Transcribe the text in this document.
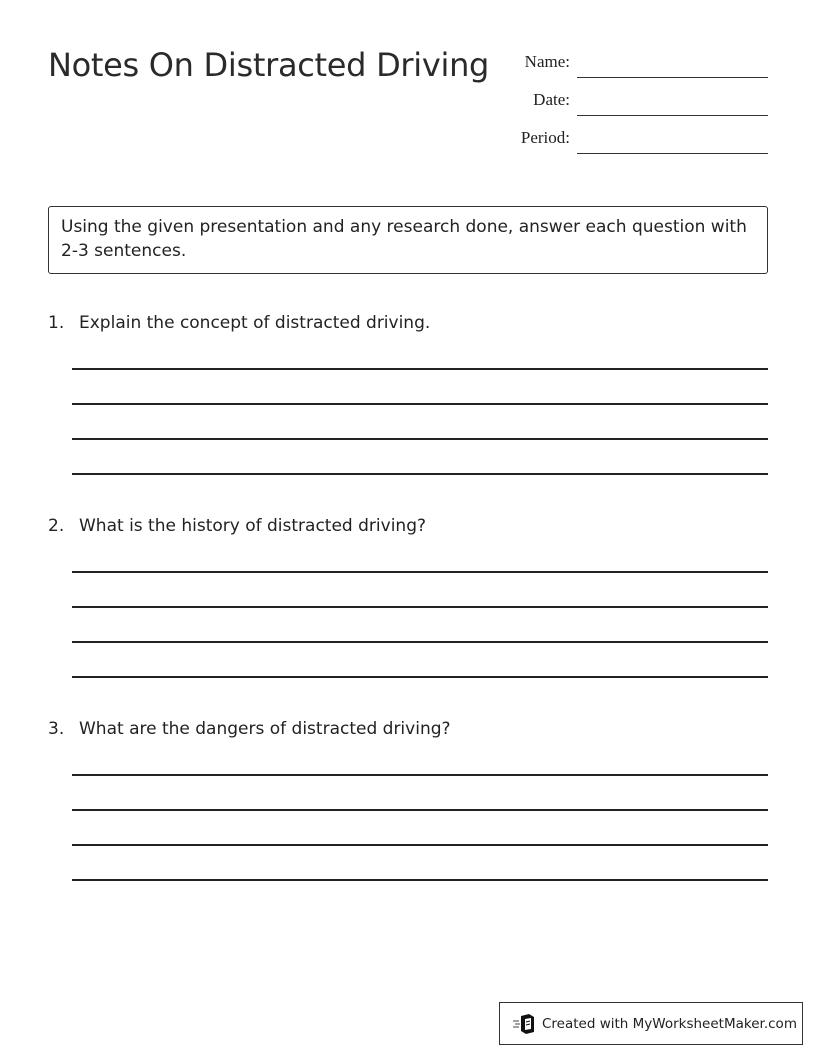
Notes On Distracted Driving Name:
Date:
Period:
Using the given presentation and any research done, answer each question with 2-3 sentences.
1. Explain the concept of distracted driving.
2. What is the history of distracted driving?
3. What are the dangers of distracted driving?
Created with MyWorksheetMaker.com
